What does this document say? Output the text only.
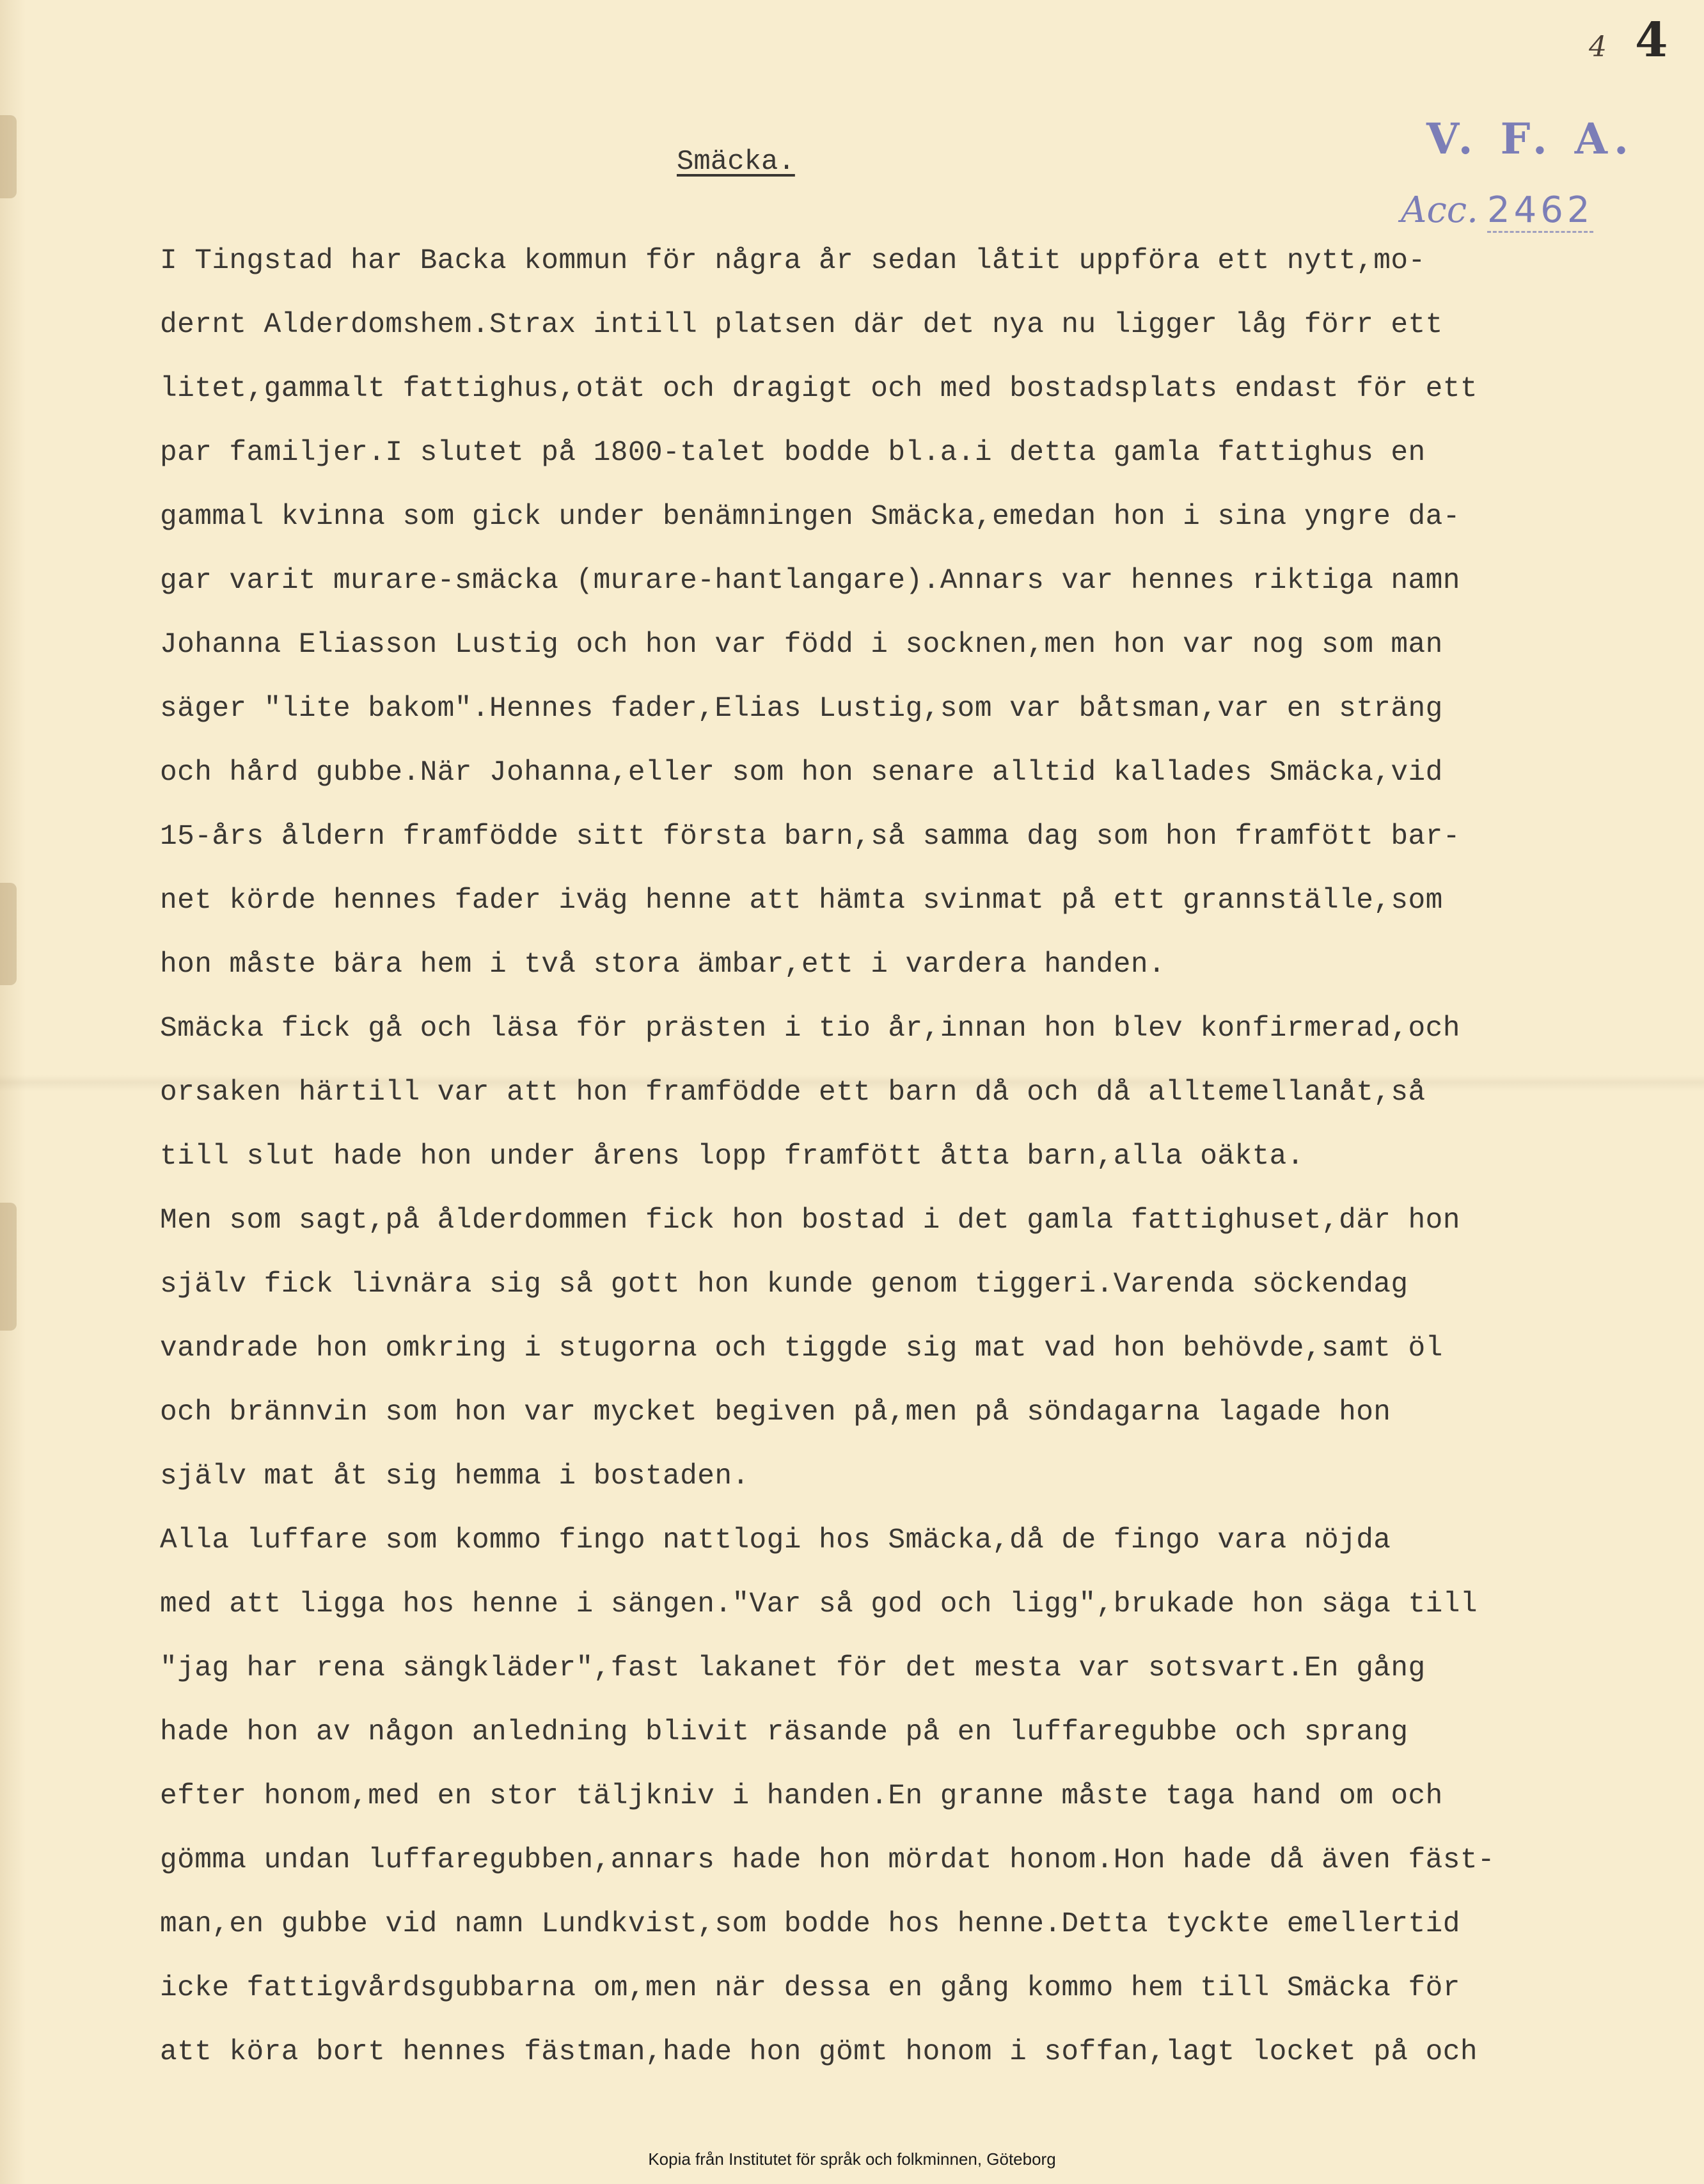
4 4
V. F. A.
Acc. 2462
Smäcka.
I Tingstad har Backa kommun för några år sedan låtit uppföra ett nytt,mo-
dernt Alderdomshem.Strax intill platsen där det nya nu ligger låg förr ett
litet,gammalt fattighus,otät och dragigt och med bostadsplats endast för ett
par familjer.I slutet på 1800-talet bodde bl.a.i detta gamla fattighus en
gammal kvinna som gick under benämningen Smäcka,emedan hon i sina yngre da-
gar varit murare-smäcka (murare-hantlangare).Annars var hennes riktiga namn
Johanna Eliasson Lustig och hon var född i socknen,men hon var nog som man
säger "lite bakom".Hennes fader,Elias Lustig,som var båtsman,var en sträng
och hård gubbe.När Johanna,eller som hon senare alltid kallades Smäcka,vid
15-års åldern framfödde sitt första barn,så samma dag som hon framfött bar-
net körde hennes fader iväg henne att hämta svinmat på ett grannställe,som
hon måste bära hem i två stora ämbar,ett i vardera handen.
Smäcka fick gå och läsa för prästen i tio år,innan hon blev konfirmerad,och
orsaken härtill var att hon framfödde ett barn då och då alltemellanåt,så
till slut hade hon under årens lopp framfött åtta barn,alla oäkta.
Men som sagt,på ålderdommen fick hon bostad i det gamla fattighuset,där hon
själv fick livnära sig så gott hon kunde genom tiggeri.Varenda söckendag
vandrade hon omkring i stugorna och tiggde sig mat vad hon behövde,samt öl
och brännvin som hon var mycket begiven på,men på söndagarna lagade hon
själv mat åt sig hemma i bostaden.
Alla luffare som kommo fingo nattlogi hos Smäcka,då de fingo vara nöjda
med att ligga hos henne i sängen."Var så god och ligg",brukade hon säga till
"jag har rena sängkläder",fast lakanet för det mesta var sotsvart.En gång
hade hon av någon anledning blivit räsande på en luffaregubbe och sprang
efter honom,med en stor täljkniv i handen.En granne måste taga hand om och
gömma undan luffaregubben,annars hade hon mördat honom.Hon hade då även fäst-
man,en gubbe vid namn Lundkvist,som bodde hos henne.Detta tyckte emellertid
icke fattigvårdsgubbarna om,men när dessa en gång kommo hem till Smäcka för
att köra bort hennes fästman,hade hon gömt honom i soffan,lagt locket på och
Kopia från Institutet för språk och folkminnen, Göteborg
